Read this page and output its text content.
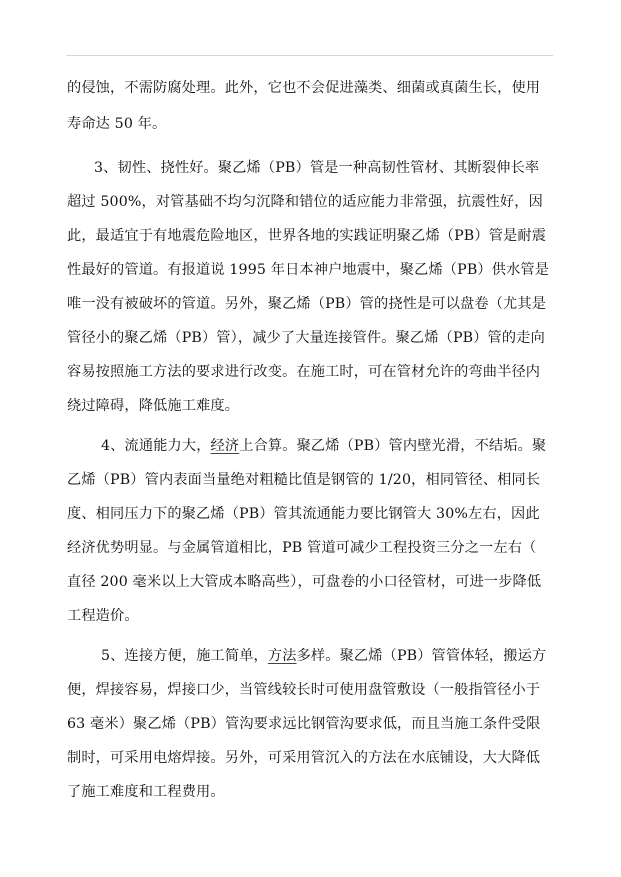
的侵蚀，不需防腐处理。此外，它也不会促进藻类、细菌或真菌生长，使用
寿命达 50 年。
3、韧性、挠性好。聚乙烯（PB）管是一种高韧性管材、其断裂伸长率
超过 500%，对管基础不均匀沉降和错位的适应能力非常强，抗震性好，因
此，最适宜于有地震危险地区，世界各地的实践证明聚乙烯（PB）管是耐震
性最好的管道。有报道说 1995 年日本神户地震中，聚乙烯（PB）供水管是
唯一没有被破坏的管道。另外，聚乙烯（PB）管的挠性是可以盘卷（尤其是
管径小的聚乙烯（PB）管），减少了大量连接管件。聚乙烯（PB）管的走向
容易按照施工方法的要求进行改变。在施工时，可在管材允许的弯曲半径内
绕过障碍，降低施工难度。
4、流通能力大，经济上合算。聚乙烯（PB）管内壁光滑，不结垢。聚
乙烯（PB）管内表面当量绝对粗糙比值是钢管的 1/20，相同管径、相同长
度、相同压力下的聚乙烯（PB）管其流通能力要比钢管大 30%左右，因此
经济优势明显。与金属管道相比，PB 管道可减少工程投资三分之一左右（
直径 200 毫米以上大管成本略高些），可盘卷的小口径管材，可进一步降低
工程造价。
5、连接方便，施工简单，方法多样。聚乙烯（PB）管管体轻，搬运方
便，焊接容易，焊接口少，当管线较长时可使用盘管敷设（一般指管径小于
63 毫米）聚乙烯（PB）管沟要求远比钢管沟要求低，而且当施工条件受限
制时，可采用电熔焊接。另外，可采用管沉入的方法在水底铺设，大大降低
了施工难度和工程费用。
